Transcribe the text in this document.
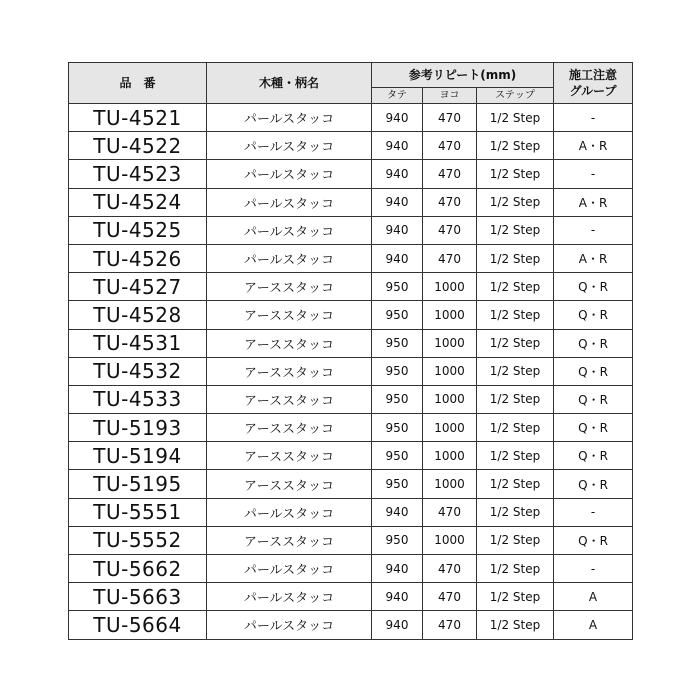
品　番	木種・柄名	参考リピート(mm)			施工注意
グループ
		タテ	ヨコ	ステップ	
TU-4521	パールスタッコ	940	470	1/2 Step	-
TU-4522	パールスタッコ	940	470	1/2 Step	A・R
TU-4523	パールスタッコ	940	470	1/2 Step	-
TU-4524	パールスタッコ	940	470	1/2 Step	A・R
TU-4525	パールスタッコ	940	470	1/2 Step	-
TU-4526	パールスタッコ	940	470	1/2 Step	A・R
TU-4527	アーススタッコ	950	1000	1/2 Step	Q・R
TU-4528	アーススタッコ	950	1000	1/2 Step	Q・R
TU-4531	アーススタッコ	950	1000	1/2 Step	Q・R
TU-4532	アーススタッコ	950	1000	1/2 Step	Q・R
TU-4533	アーススタッコ	950	1000	1/2 Step	Q・R
TU-5193	アーススタッコ	950	1000	1/2 Step	Q・R
TU-5194	アーススタッコ	950	1000	1/2 Step	Q・R
TU-5195	アーススタッコ	950	1000	1/2 Step	Q・R
TU-5551	パールスタッコ	940	470	1/2 Step	-
TU-5552	アーススタッコ	950	1000	1/2 Step	Q・R
TU-5662	パールスタッコ	940	470	1/2 Step	-
TU-5663	パールスタッコ	940	470	1/2 Step	A
TU-5664	パールスタッコ	940	470	1/2 Step	A
